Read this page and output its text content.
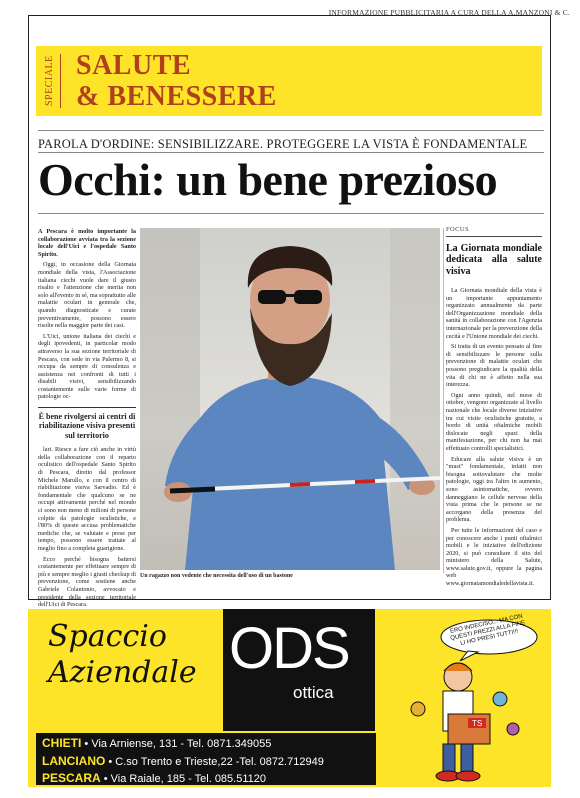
INFORMAZIONE PUBBLICITARIA A CURA DELLA A.MANZONI & C.
SPECIALE SALUTE
& BENESSERE
PAROLA D'ORDINE: SENSIBILIZZARE. PROTEGGERE LA VISTA È FONDAMENTALE
Occhi: un bene prezioso

A Pescara è molto importante la collaborazione avviata tra la sezione locale dell'Uici e l'ospedale Santo Spirito.

Oggi, in occasione della Giornata mondiale della vista, l'Associazione italiana ciechi vuole dare il giusto risalto e l'attenzione che merita non solo all'evento in sé, ma soprattutto alle malattie oculari in generale che, quando diagnosticate e curate preventivamente, possono essere risolte nella maggior parte dei casi.

L'Uici, unione italiana dei ciechi e degli ipovedenti, in particolar modo attraverso la sua sezione territoriale di Pescara, con sede in via Palermo 8, si occupa da sempre di consulenza e assistenza nei confronti di tutti i disabili visivi, sensibilizzando costantemente sulle varie forme di patologie oc-

È bene rivolgersi ai centri di riabilitazione visiva presenti sul territorio

lari. Riesce a fare ciò anche in virtù della collaborazione con il reparto oculistico dell'ospedale Santo Spirito di Pescara, diretto dal professor Michele Marullo, e con il centro di riabilitazione visiva Sarvadio. Ed è fondamentale che qualcuno se ne occupi attivamente perché nel mondo ci sono non meno di milioni di persone colpite da patologie oculistiche, e l'80% di queste accusa problematiche mediche che, se valutate e prese per tempo, possono essere trattate al meglio fino a completa guarigione.

Ecco perché bisogna battersi costantemente per effettuare sempre di più e sempre meglio i giusti checkup di prevenzione, come sostiene anche Gabriele Colantonio, avvocato e presidente della sezione territoriale dell'Uici di Pescara.

Un ragazzo non vedente che necessita dell'uso di un bastone
FOCUS
La Giornata mondiale dedicata alla salute visiva

La Giornata mondiale della vista è un importante appuntamento organizzato annualmente da parte dell'Organizzazione mondiale della sanità in collaborazione con l'Agenzia internazionale per la prevenzione della cecità e l'Unione mondiale dei ciechi.

Si tratta di un evento pensato al fine di sensibilizzare le persone sulla prevenzione di malattie oculari che possono pregiudicare la qualità della vita di chi ne è affetto nella sua interezza.

Ogni anno quindi, nel mese di ottobre, vengono organizzate al livello nazionale che locale diverse iniziative tra cui visite oculistiche gratuite, a bordo di unità oftalmiche mobili dislocate negli spazi della manifestazione, per chi non ha mai effettuato controlli specialistici.

Educare alla salute visiva è un "must" fondamentale, infatti non bisogna sottovalutare che molte patologie, oggi tra l'altro in aumento, sono asintomatiche, ovvero danneggiano le cellule nervose della vista prima che le persone se ne accorgano della presenza del problema.

Per tutte le informazioni del caso e per conoscere anche i punti oftalmici mobili e le iniziative dell'edizione 2020, si può consultare il sito del ministero della Salute, www.salute.gov.it, oppure la pagina web www.giornatamondialedellavista.it.

Spaccio
Aziendale ODS
ottica
CHIETI • Via Arniense, 131 - Tel. 0871.349055
LANCIANO • C.so Trento e Trieste,22 -Tel. 0872.712949
PESCARA • Via Raiale, 185 - Tel. 085.51120
ERO INDECISO... MA CON QUESTI PREZZI ALLA FINE LI HO PRESI TUTTI!!!
TS
